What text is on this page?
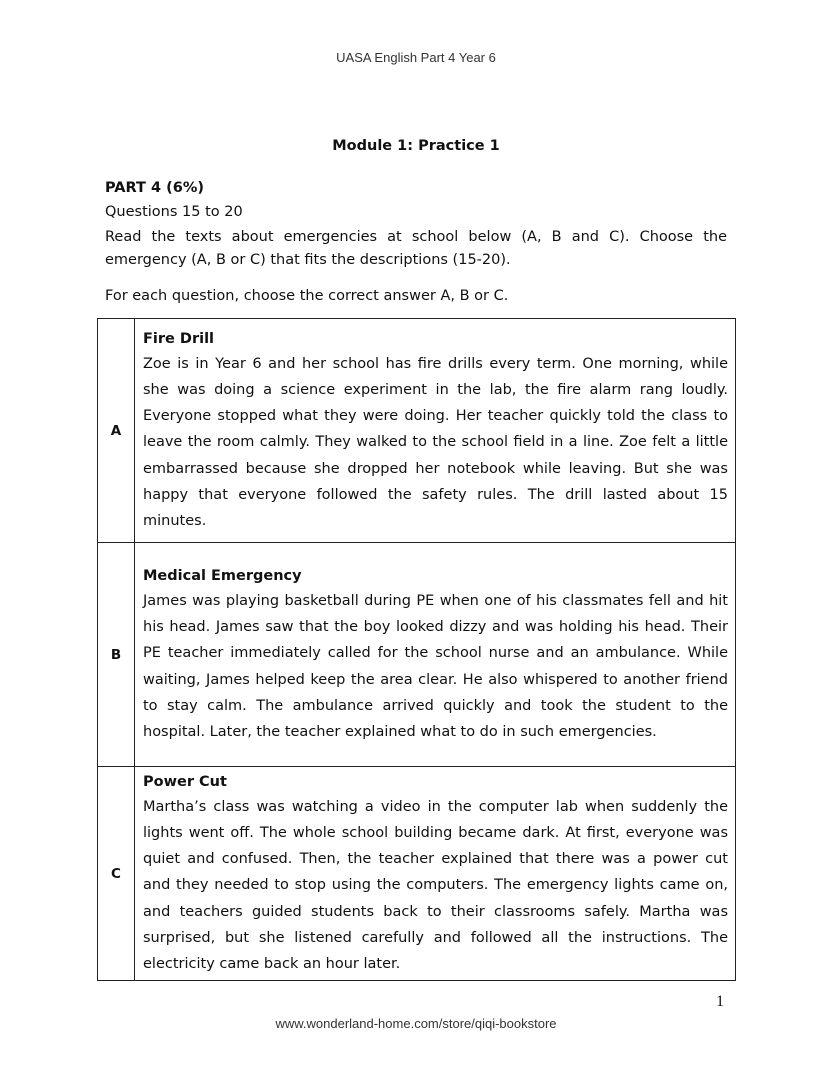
UASA English Part 4 Year 6
Module 1: Practice 1
PART 4 (6%)
Questions 15 to 20
Read the texts about emergencies at school below (A, B and C). Choose the emergency (A, B or C) that fits the descriptions (15-20).
For each question, choose the correct answer A, B or C.
A	Fire Drill
Zoe is in Year 6 and her school has fire drills every term. One morning, while she was doing a science experiment in the lab, the fire alarm rang loudly. Everyone stopped what they were doing. Her teacher quickly told the class to leave the room calmly. They walked to the school field in a line. Zoe felt a little embarrassed because she dropped her notebook while leaving. But she was happy that everyone followed the safety rules. The drill lasted about 15 minutes.

B	Medical Emergency
James was playing basketball during PE when one of his classmates fell and hit his head. James saw that the boy looked dizzy and was holding his head. Their PE teacher immediately called for the school nurse and an ambulance. While waiting, James helped keep the area clear. He also whispered to another friend to stay calm. The ambulance arrived quickly and took the student to the hospital. Later, the teacher explained what to do in such emergencies.

C	Power Cut
Martha’s class was watching a video in the computer lab when suddenly the lights went off. The whole school building became dark. At first, everyone was quiet and confused. Then, the teacher explained that there was a power cut and they needed to stop using the computers. The emergency lights came on, and teachers guided students back to their classrooms safely. Martha was surprised, but she listened carefully and followed all the instructions. The electricity came back an hour later.
1
www.wonderland-home.com/store/qiqi-bookstore
